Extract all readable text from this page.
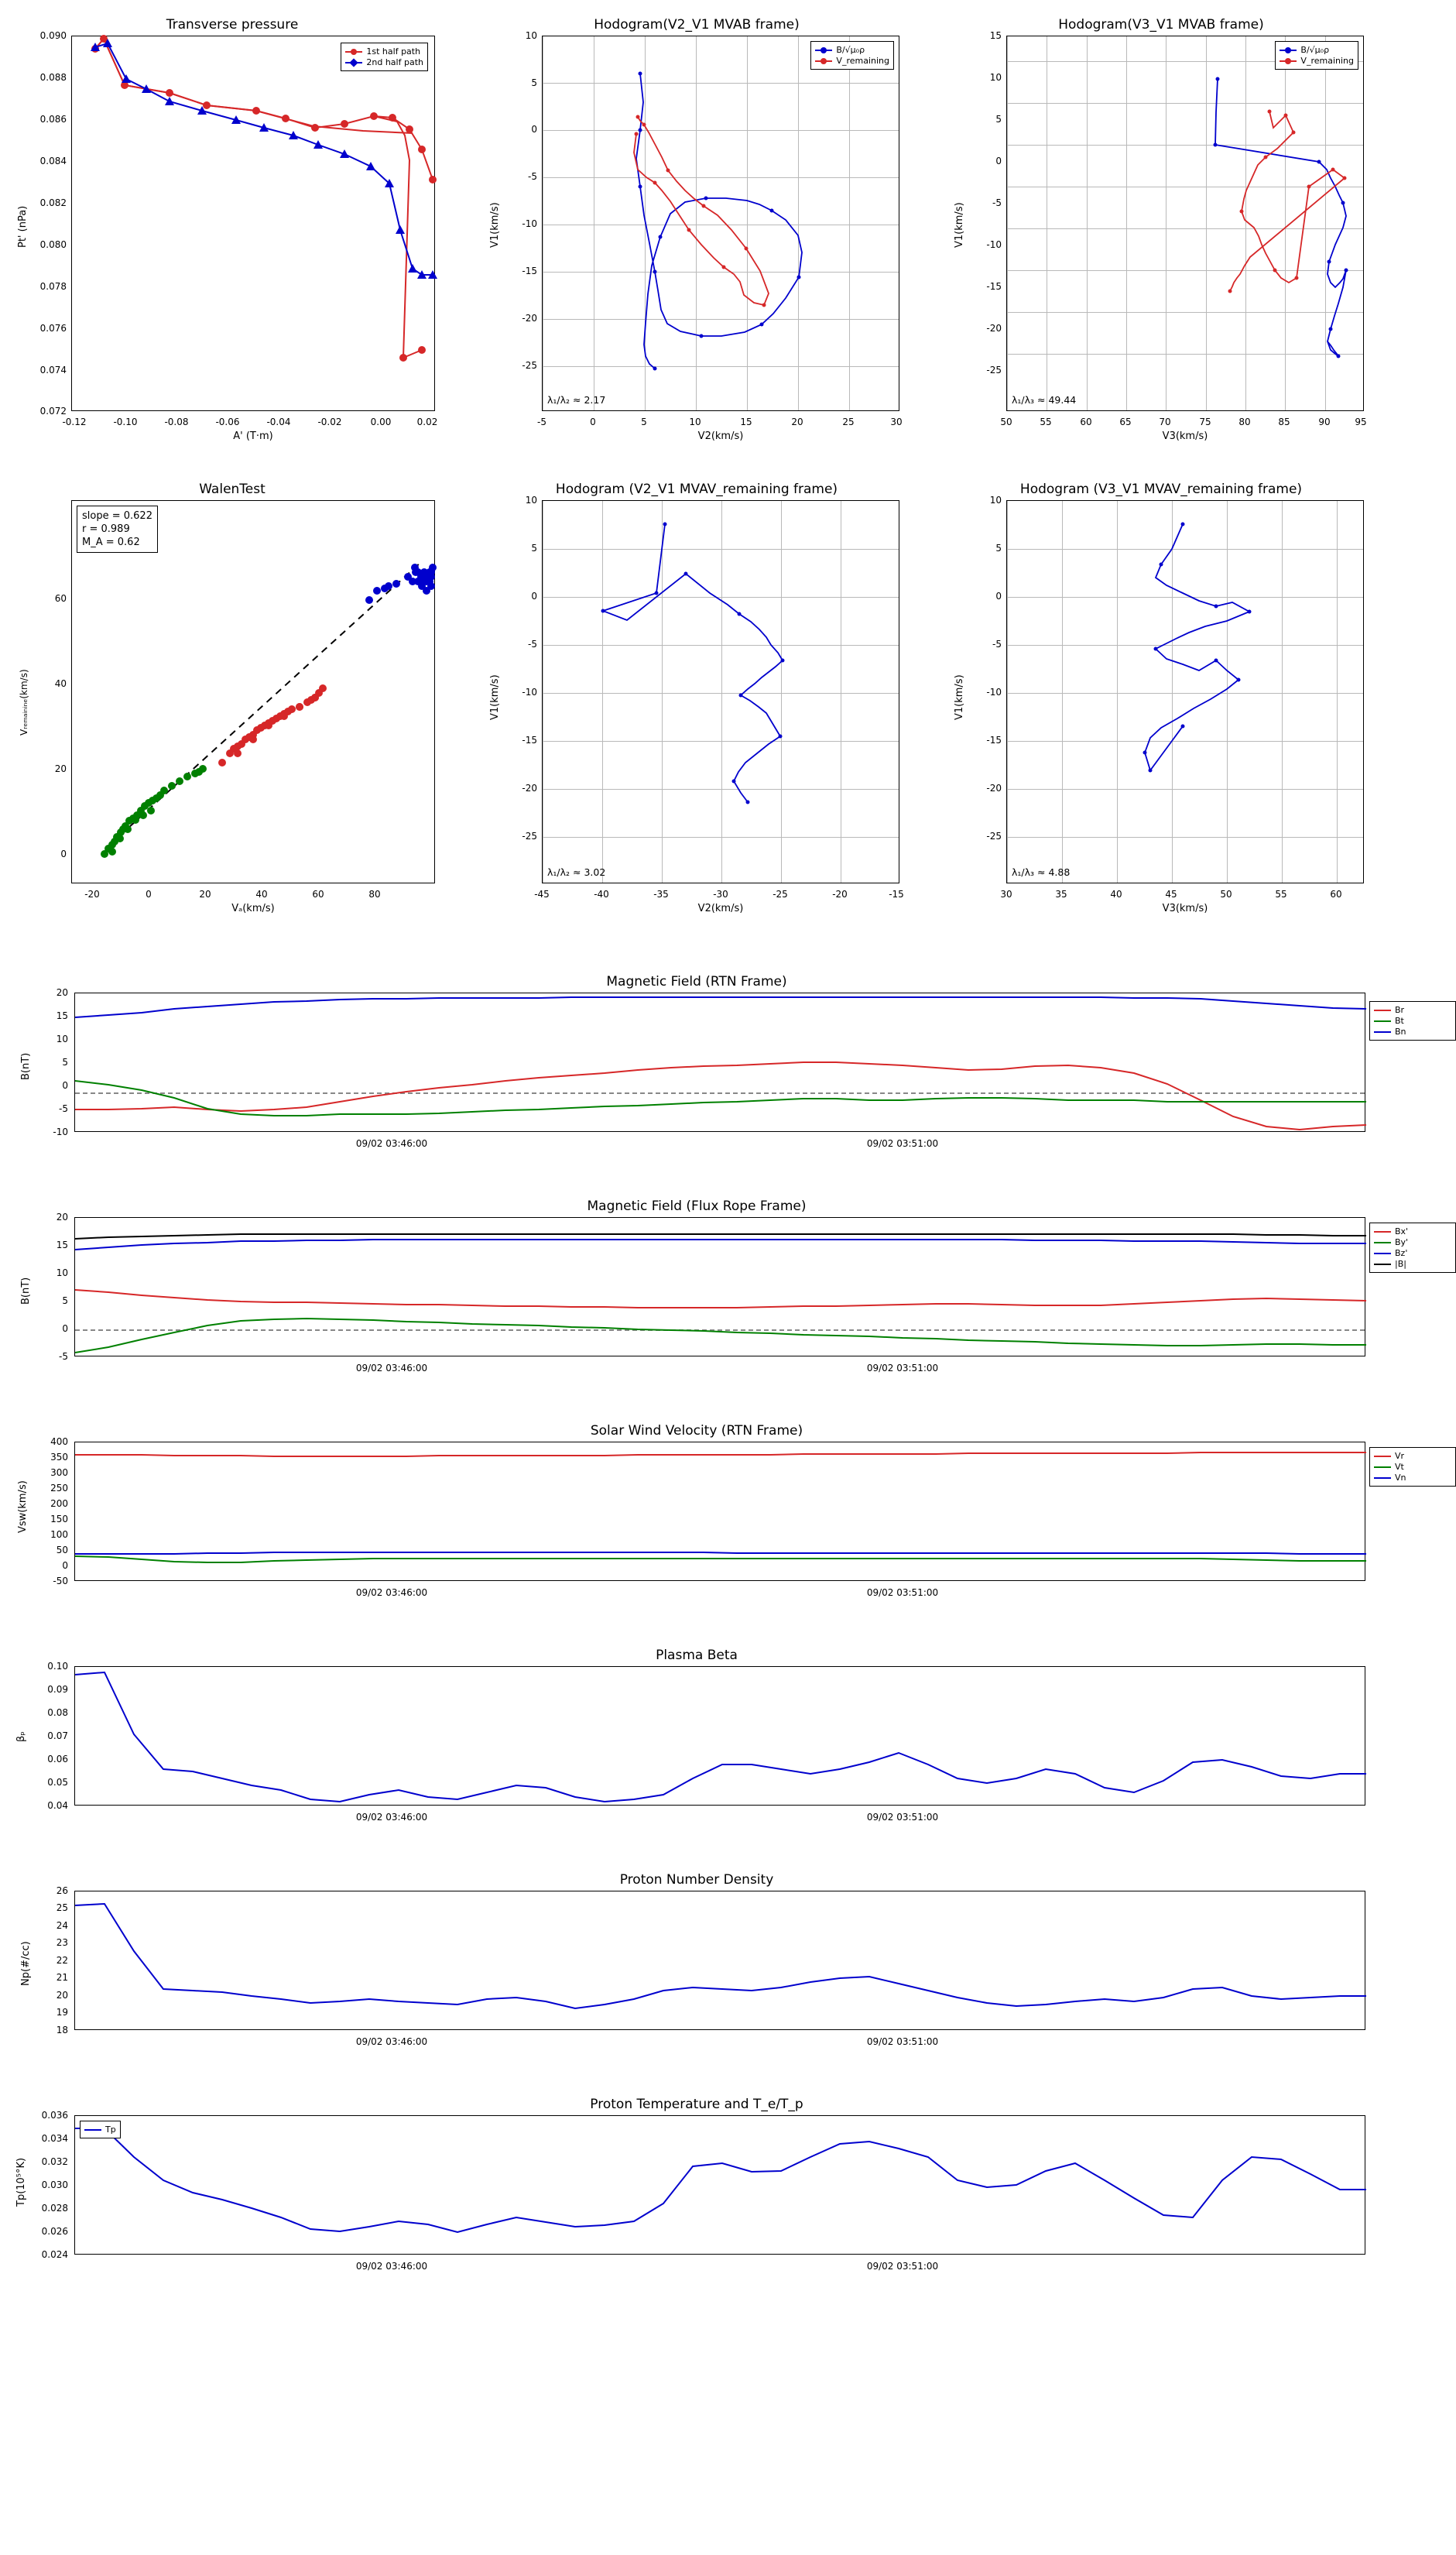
Transverse pressure
1st half path
2nd half path
0.090
0.088
0.086
0.084
0.082
0.080
0.078
0.076
0.074
0.072
-0.12	-0.10	-0.08	-0.06	-0.04	-0.02	0.00	0.02
A' (T·m)
Pt' (nPa)
Hodogram(V2_V1 MVAB frame)
B/√μ₀ρ
V_remaining
λ₁/λ₂ ≈ 2.17
10
5
0
-5
-10
-15
-20
-25
-5	0	5	10	15	20	25	30
V2(km/s)
V1(km/s)
Hodogram(V3_V1 MVAB frame)
B/√μ₀ρ
V_remaining
λ₁/λ₃ ≈ 49.44
15
10
5
0
-5
-10
-15
-20
-25
50	55	60	65	70	75	80	85	90	95
V3(km/s)
V1(km/s)
WalenTest
slope = 0.622
r = 0.989
M_A = 0.62
60
40
20
0
-20	0	20	40	60	80
Vₐ(km/s)
Vᵣₑₘₐᵢₙᵢₙₑ(km/s)
Hodogram (V2_V1 MVAV_remaining frame)
λ₁/λ₂ ≈ 3.02
10
5
0
-5
-10
-15
-20
-25
-45	-40	-35	-30	-25	-20	-15
V2(km/s)
V1(km/s)
Hodogram (V3_V1 MVAV_remaining frame)
λ₁/λ₃ ≈ 4.88
10
5
0
-5
-10
-15
-20
-25
30	35	40	45	50	55	60
V3(km/s)
V1(km/s)
Magnetic Field (RTN Frame)
Br
Bt
Bn
20
15
10
5
0
-5
-10
09/02 03:46:00	09/02 03:51:00
B(nT)
Magnetic Field (Flux Rope Frame)
Bx'
By'
Bz'
|B|
20
15
10
5
0
-5
09/02 03:46:00	09/02 03:51:00
B(nT)
Solar Wind Velocity (RTN Frame)
Vr
Vt
Vn
400
350
300
250
200
150
100
50
0
-50
09/02 03:46:00	09/02 03:51:00
Vsw(km/s)
Plasma Beta
0.10
0.09
0.08
0.07
0.06
0.05
0.04
09/02 03:46:00	09/02 03:51:00
βₚ
Proton Number Density
26
25
24
23
22
21
20
19
18
09/02 03:46:00	09/02 03:51:00
Np(#/cc)
Proton Temperature and T_e/T_p
Tp
0.036
0.034
0.032
0.030
0.028
0.026
0.024
09/02 03:46:00	09/02 03:51:00
Tp(10⁵°K)
